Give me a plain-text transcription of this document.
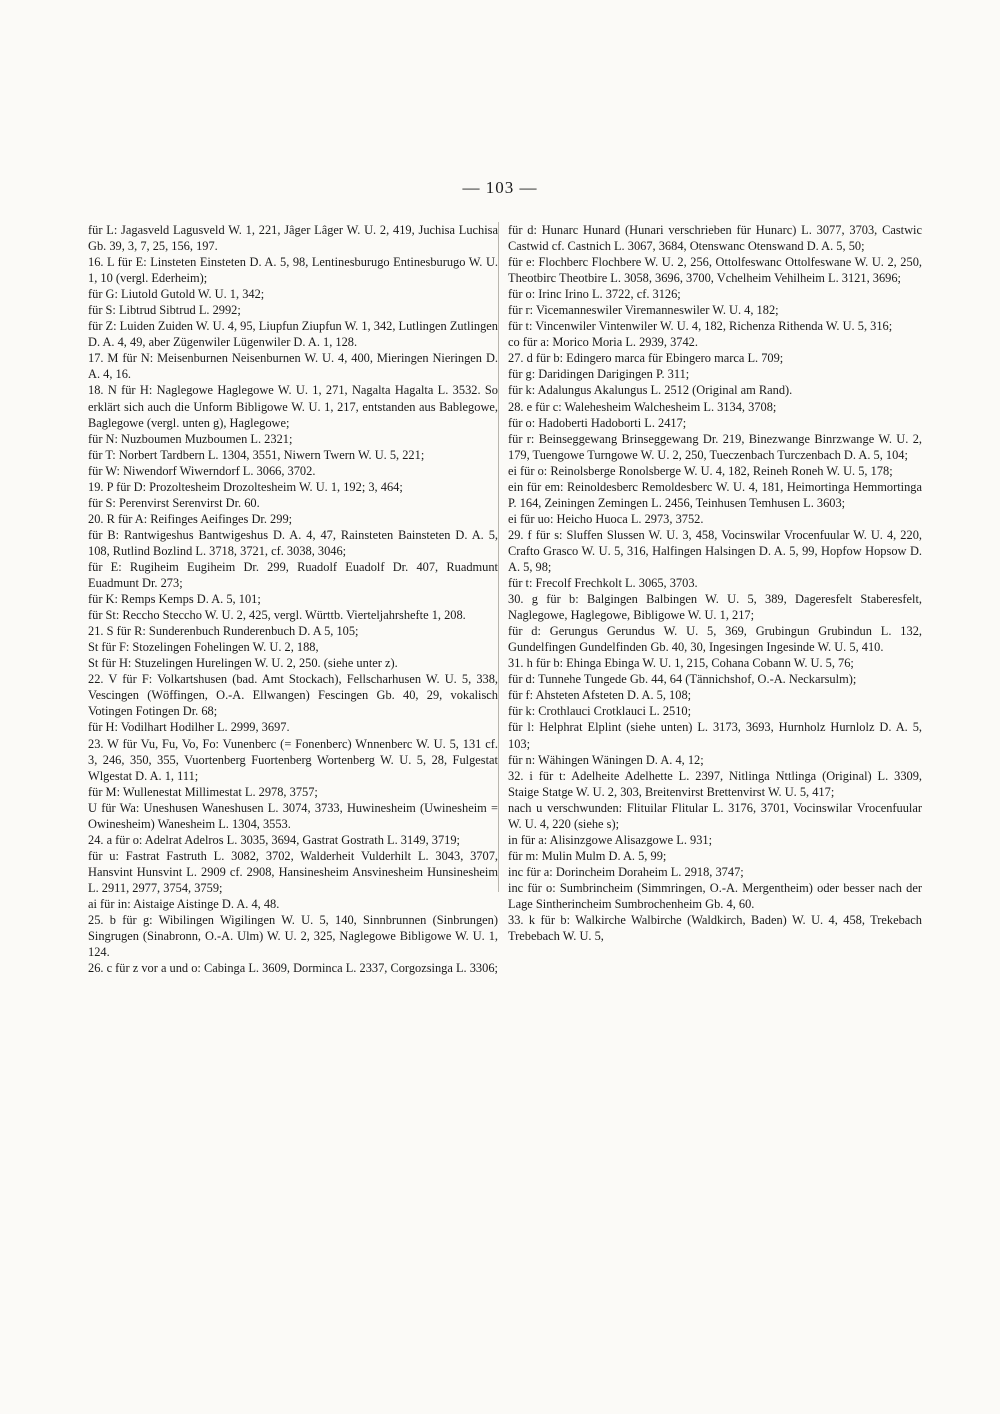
— 103 —

für L: Jagasveld Lagusveld W. 1, 221, Jâger Lâger W. U. 2, 419, Juchisa Luchisa Gb. 39, 3, 7, 25, 156, 197.

16. L für E: Linsteten Einsteten D. A. 5, 98, Lentinesburugo Entinesburugo W. U. 1, 10 (vergl. Ederheim);

für G: Liutold Gutold W. U. 1, 342;

für S: Libtrud Sibtrud L. 2992;

für Z: Luiden Zuiden W. U. 4, 95, Liupfun Ziupfun W. 1, 342, Lutlingen Zutlingen D. A. 4, 49, aber Zügenwiler Lügenwiler D. A. 1, 128.

17. M für N: Meisenburnen Neisenburnen W. U. 4, 400, Mieringen Nieringen D. A. 4, 16.

18. N für H: Naglegowe Haglegowe W. U. 1, 271, Nagalta Hagalta L. 3532. So erklärt sich auch die Unform Bibligowe W. U. 1, 217, entstanden aus Bablegowe, Baglegowe (vergl. unten g), Haglegowe;

für N: Nuzboumen Muzboumen L. 2321;

für T: Norbert Tardbern L. 1304, 3551, Niwern Twern W. U. 5, 221;

für W: Niwendorf Wiwerndorf L. 3066, 3702.

19. P für D: Prozoltesheim Drozoltesheim W. U. 1, 192; 3, 464;

für S: Perenvirst Serenvirst Dr. 60.

20. R für A: Reifinges Aeifinges Dr. 299;

für B: Rantwigeshus Bantwigeshus D. A. 4, 47, Rainsteten Bainsteten D. A. 5, 108, Rutlind Bozlind L. 3718, 3721, cf. 3038, 3046;

für E: Rugiheim Eugiheim Dr. 299, Ruadolf Euadolf Dr. 407, Ruadmunt Euadmunt Dr. 273;

für K: Remps Kemps D. A. 5, 101;

für St: Reccho Steccho W. U. 2, 425, vergl. Württb. Vierteljahrshefte 1, 208.

21. S für R: Sunderenbuch Runderenbuch D. A 5, 105;

St für F: Stozelingen Fohelingen W. U. 2, 188,

St für H: Stuzelingen Hurelingen W. U. 2, 250. (siehe unter z).

22. V für F: Volkartshusen (bad. Amt Stockach), Fellscharhusen W. U. 5, 338, Vescingen (Wöffingen, O.-A. Ellwangen) Fescingen Gb. 40, 29, vokalisch Votingen Fotingen Dr. 68;

für H: Vodilhart Hodilher L. 2999, 3697.

23. W für Vu, Fu, Vo, Fo: Vunenberc (= Fonenberc) Wnnenberc W. U. 5, 131 cf. 3, 246, 350, 355, Vuortenberg Fuortenberg Wortenberg W. U. 5, 28, Fulgestat Wlgestat D. A. 1, 111;

für M: Wullenestat Millimestat L. 2978, 3757;

U für Wa: Uneshusen Waneshusen L. 3074, 3733, Huwinesheim (Uwinesheim = Owinesheim) Wanesheim L. 1304, 3553.

24. a für o: Adelrat Adelros L. 3035, 3694, Gastrat Gostrath L. 3149, 3719;

für u: Fastrat Fastruth L. 3082, 3702, Walderheit Vulderhilt L. 3043, 3707, Hansvint Hunsvint L. 2909 cf. 2908, Hansinesheim Ansvinesheim Hunsinesheim L. 2911, 2977, 3754, 3759;

ai für in: Aistaige Aistinge D. A. 4, 48.

25. b für g: Wibilingen Wigilingen W. U. 5, 140, Sinnbrunnen (Sinbrungen) Singrugen (Sinabronn, O.-A. Ulm) W. U. 2, 325, Naglegowe Bibligowe W. U. 1, 124.

26. c für z vor a und o: Cabinga L. 3609, Dorminca L. 2337, Corgozsinga L. 3306;

für d: Hunarc Hunard (Hunari verschrieben für Hunarc) L. 3077, 3703, Castwic Castwid cf. Castnich L. 3067, 3684, Otenswanc Otenswand D. A. 5, 50;

für e: Flochberc Flochbere W. U. 2, 256, Ottolfeswanc Ottolfeswane W. U. 2, 250, Theotbirc Theotbire L. 3058, 3696, 3700, Vchelheim Vehilheim L. 3121, 3696;

für o: Irinc Irino L. 3722, cf. 3126;

für r: Vicemanneswiler Viremanneswiler W. U. 4, 182;

für t: Vincenwiler Vintenwiler W. U. 4, 182, Richenza Rithenda W. U. 5, 316;

co für a: Morico Moria L. 2939, 3742.

27. d für b: Edingero marca für Ebingero marca L. 709;

für g: Daridingen Darigingen P. 311;

für k: Adalungus Akalungus L. 2512 (Original am Rand).

28. e für c: Walehesheim Walchesheim L. 3134, 3708;

für o: Hadoberti Hadoborti L. 2417;

für r: Beinseggewang Brinseggewang Dr. 219, Binezwange Binrzwange W. U. 2, 179, Tuengowe Turngowe W. U. 2, 250, Tueczenbach Turczenbach D. A. 5, 104;

ei für o: Reinolsberge Ronolsberge W. U. 4, 182, Reineh Roneh W. U. 5, 178;

ein für em: Reinoldesberc Remoldesberc W. U. 4, 181, Heimortinga Hemmortinga P. 164, Zeiningen Zemingen L. 2456, Teinhusen Temhusen L. 3603;

ei für uo: Heicho Huoca L. 2973, 3752.

29. f für s: Sluffen Slussen W. U. 3, 458, Vocinswilar Vrocenfuular W. U. 4, 220, Crafto Grasco W. U. 5, 316, Halfingen Halsingen D. A. 5, 99, Hopfow Hopsow D. A. 5, 98;

für t: Frecolf Frechkolt L. 3065, 3703.

30. g für b: Balgingen Balbingen W. U. 5, 389, Dageresfelt Staberesfelt, Naglegowe, Haglegowe, Bibligowe W. U. 1, 217;

für d: Gerungus Gerundus W. U. 5, 369, Grubingun Grubindun L. 132, Gundelfingen Gundelfinden Gb. 40, 30, Ingesingen Ingesinde W. U. 5, 410.

31. h für b: Ehinga Ebinga W. U. 1, 215, Cohana Cobann W. U. 5, 76;

für d: Tunnehe Tungede Gb. 44, 64 (Tännichshof, O.-A. Neckarsulm);

für f: Ahsteten Afsteten D. A. 5, 108;

für k: Crothlauci Crotklauci L. 2510;

für l: Helphrat Elplint (siehe unten) L. 3173, 3693, Hurnholz Hurnlolz D. A. 5, 103;

für n: Wähingen Wäningen D. A. 4, 12;

32. i für t: Adelheite Adelhette L. 2397, Nitlinga Nttlinga (Original) L. 3309, Staige Statge W. U. 2, 303, Breitenvirst Brettenvirst W. U. 5, 417;

nach u verschwunden: Flituilar Flitular L. 3176, 3701, Vocinswilar Vrocenfuular W. U. 4, 220 (siehe s);

in für a: Alisinzgowe Alisazgowe L. 931;

für m: Mulin Mulm D. A. 5, 99;

inc für a: Dorincheim Doraheim L. 2918, 3747;

inc für o: Sumbrincheim (Simmringen, O.-A. Mergentheim) oder besser nach der Lage Sintherincheim Sumbrochenheim Gb. 4, 60.

33. k für b: Walkirche Walbirche (Waldkirch, Baden) W. U. 4, 458, Trekebach Trebebach W. U. 5,
